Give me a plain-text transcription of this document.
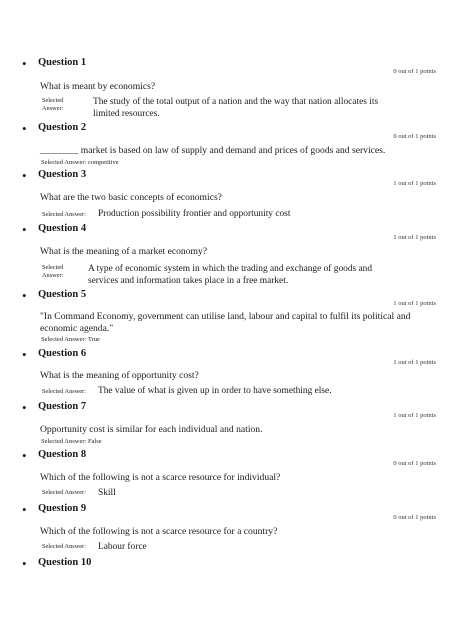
• Question 1
0 out of 1 points
What is meant by economics?
Selected Answer:
The study of the total output of a nation and the way that nation allocates its limited resources.
• Question 2
0 out of 1 points
________ market is based on law of supply and demand and prices of goods and services.
Selected Answer: competitive
• Question 3
1 out of 1 points
What are the two basic concepts of economics?
Selected Answer: Production possibility frontier and opportunity cost
• Question 4
1 out of 1 points
What is the meaning of a market economy?
Selected Answer:
A type of economic system in which the trading and exchange of goods and services and information takes place in a free market.
• Question 5
1 out of 1 points
"In Command Economy, government can utilise land, labour and capital to fulfil its political and economic agenda."
Selected Answer: True
• Question 6
1 out of 1 points
What is the meaning of opportunity cost?
Selected Answer: The value of what is given up in order to have something else.
• Question 7
1 out of 1 points
Opportunity cost is similar for each individual and nation.
Selected Answer: False
• Question 8
0 out of 1 points
Which of the following is not a scarce resource for individual?
Selected Answer: Skill
• Question 9
0 out of 1 points
Which of the following is not a scarce resource for a country?
Selected Answer: Labour force
• Question 10
